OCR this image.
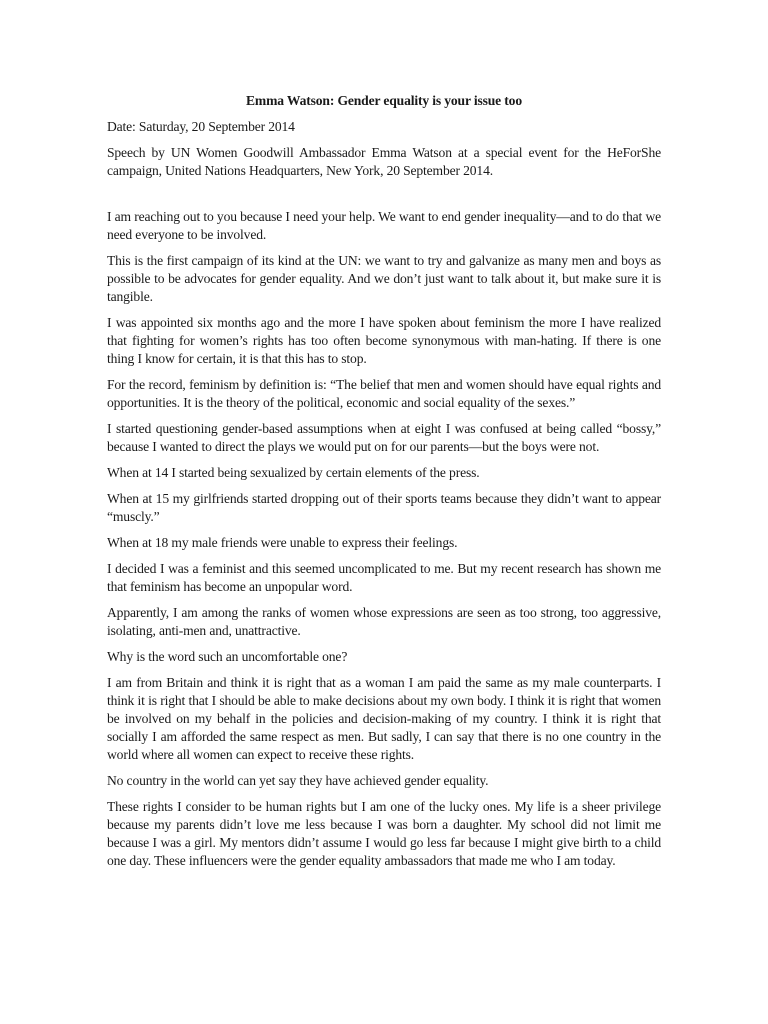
Emma Watson: Gender equality is your issue too

Date: Saturday, 20 September 2014

Speech by UN Women Goodwill Ambassador Emma Watson at a special event for the HeForShe campaign, United Nations Headquarters, New York, 20 September 2014.

I am reaching out to you because I need your help. We want to end gender inequality—and to do that we need everyone to be involved.

This is the first campaign of its kind at the UN: we want to try and galvanize as many men and boys as possible to be advocates for gender equality. And we don’t just want to talk about it, but make sure it is tangible.

I was appointed six months ago and the more I have spoken about feminism the more I have realized that fighting for women’s rights has too often become synonymous with man-hating. If there is one thing I know for certain, it is that this has to stop.

For the record, feminism by definition is: “The belief that men and women should have equal rights and opportunities. It is the theory of the political, economic and social equality of the sexes.”

I started questioning gender-based assumptions when at eight I was confused at being called “bossy,” because I wanted to direct the plays we would put on for our parents—but the boys were not.

When at 14 I started being sexualized by certain elements of the press.

When at 15 my girlfriends started dropping out of their sports teams because they didn’t want to appear “muscly.”

When at 18 my male friends were unable to express their feelings.

I decided I was a feminist and this seemed uncomplicated to me. But my recent research has shown me that feminism has become an unpopular word.

Apparently, I am among the ranks of women whose expressions are seen as too strong, too aggressive, isolating, anti-men and, unattractive.

Why is the word such an uncomfortable one?

I am from Britain and think it is right that as a woman I am paid the same as my male counterparts. I think it is right that I should be able to make decisions about my own body. I think it is right that women be involved on my behalf in the policies and decision-making of my country. I think it is right that socially I am afforded the same respect as men. But sadly, I can say that there is no one country in the world where all women can expect to receive these rights.

No country in the world can yet say they have achieved gender equality.

These rights I consider to be human rights but I am one of the lucky ones. My life is a sheer privilege because my parents didn’t love me less because I was born a daughter. My school did not limit me because I was a girl. My mentors didn’t assume I would go less far because I might give birth to a child one day. These influencers were the gender equality ambassadors that made me who I am today.
